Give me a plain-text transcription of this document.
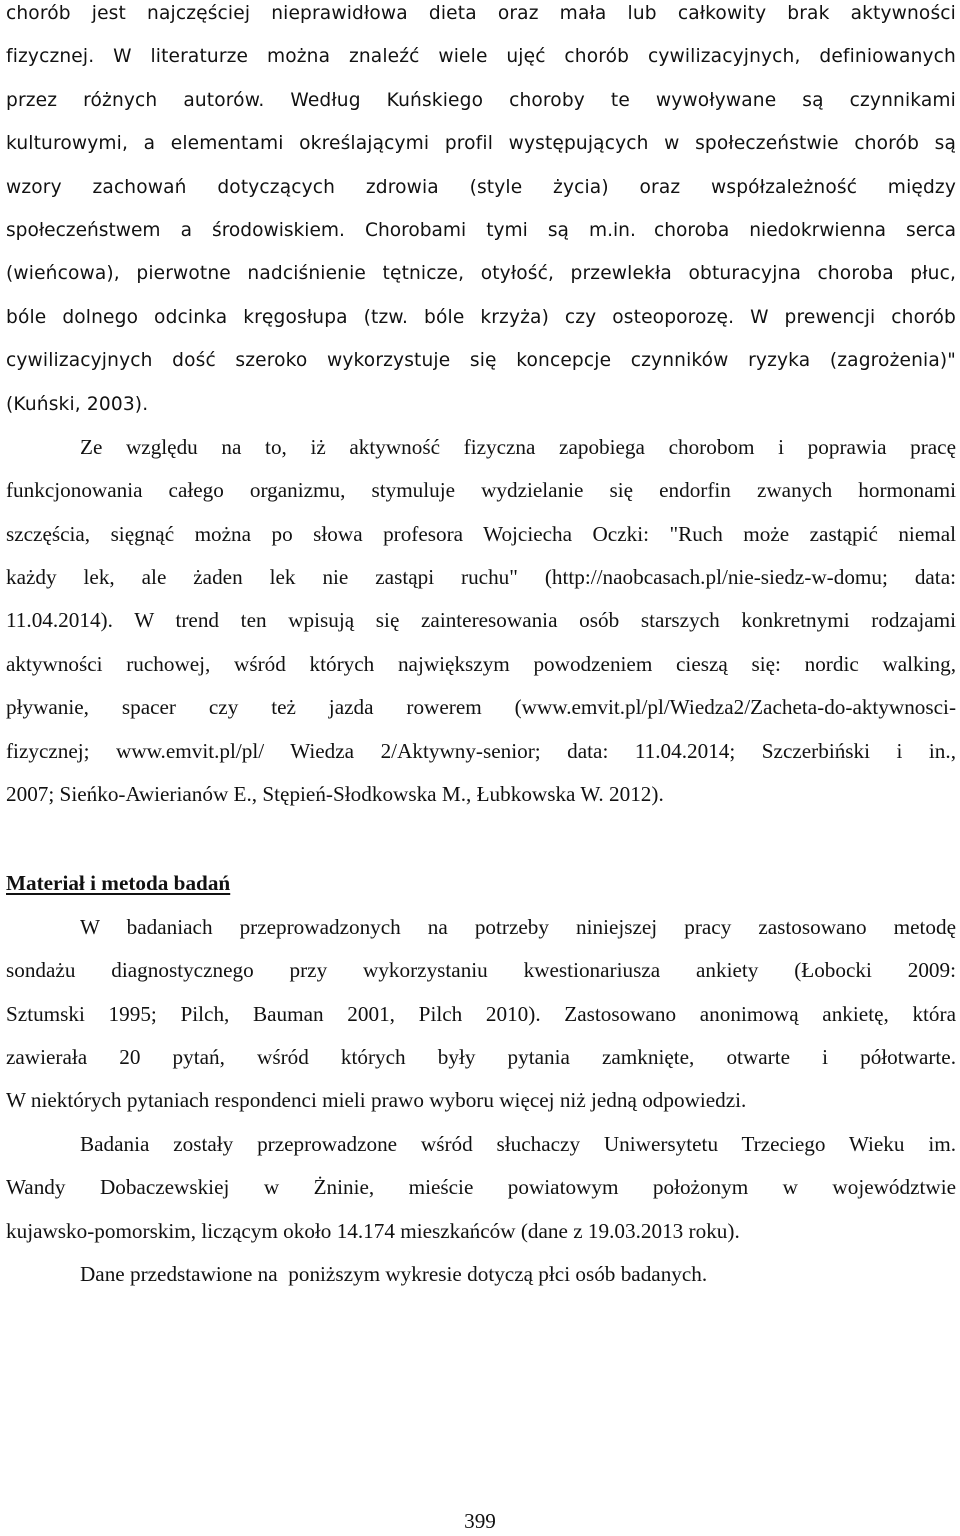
chorób jest najczęściej nieprawidłowa dieta oraz mała lub całkowity brak aktywności
fizycznej. W literaturze można znaleźć wiele ujęć chorób cywilizacyjnych, definiowanych
przez różnych autorów. Według Kuńskiego choroby te wywoływane są czynnikami
kulturowymi, a elementami określającymi profil występujących w społeczeństwie chorób są
wzory zachowań dotyczących zdrowia (style życia) oraz współzależność między
społeczeństwem a środowiskiem. Chorobami tymi są m.in. choroba niedokrwienna serca
(wieńcowa), pierwotne nadciśnienie tętnicze, otyłość, przewlekła obturacyjna choroba płuc,
bóle dolnego odcinka kręgosłupa (tzw. bóle krzyża) czy osteoporozę. W prewencji chorób
cywilizacyjnych dość szeroko wykorzystuje się koncepcje czynników ryzyka (zagrożenia)"
(Kuński, 2003).
Ze względu na to, iż aktywność fizyczna zapobiega chorobom i poprawia pracę
funkcjonowania całego organizmu, stymuluje wydzielanie się endorfin zwanych hormonami
szczęścia, sięgnąć można po słowa profesora Wojciecha Oczki: "Ruch może zastąpić niemal
każdy lek, ale żaden lek nie zastąpi ruchu" (http://naobcasach.pl/nie-siedz-w-domu; data:
11.04.2014). W trend ten wpisują się zainteresowania osób starszych konkretnymi rodzajami
aktywności ruchowej, wśród których największym powodzeniem cieszą się: nordic walking,
pływanie, spacer czy też jazda rowerem (www.emvit.pl/pl/Wiedza2/Zacheta-do-aktywnosci-
fizycznej; www.emvit.pl/pl/ Wiedza 2/Aktywny-senior; data: 11.04.2014; Szczerbiński i in.,
2007; Sieńko-Awierianów E., Stępień-Słodkowska M., Łubkowska W. 2012).
Materiał i metoda badań
W badaniach przeprowadzonych na potrzeby niniejszej pracy zastosowano metodę
sondażu diagnostycznego przy wykorzystaniu kwestionariusza ankiety (Łobocki 2009:
Sztumski 1995; Pilch, Bauman 2001, Pilch 2010). Zastosowano anonimową ankietę, która
zawierała 20 pytań, wśród których były pytania zamknięte, otwarte i półotwarte.
W niektórych pytaniach respondenci mieli prawo wyboru więcej niż jedną odpowiedzi.
Badania zostały przeprowadzone wśród słuchaczy Uniwersytetu Trzeciego Wieku im.
Wandy Dobaczewskiej w Żninie, mieście powiatowym położonym w województwie
kujawsko-pomorskim, liczącym około 14.174 mieszkańców (dane z 19.03.2013 roku).
Dane przedstawione na  poniższym wykresie dotyczą płci osób badanych.
399
